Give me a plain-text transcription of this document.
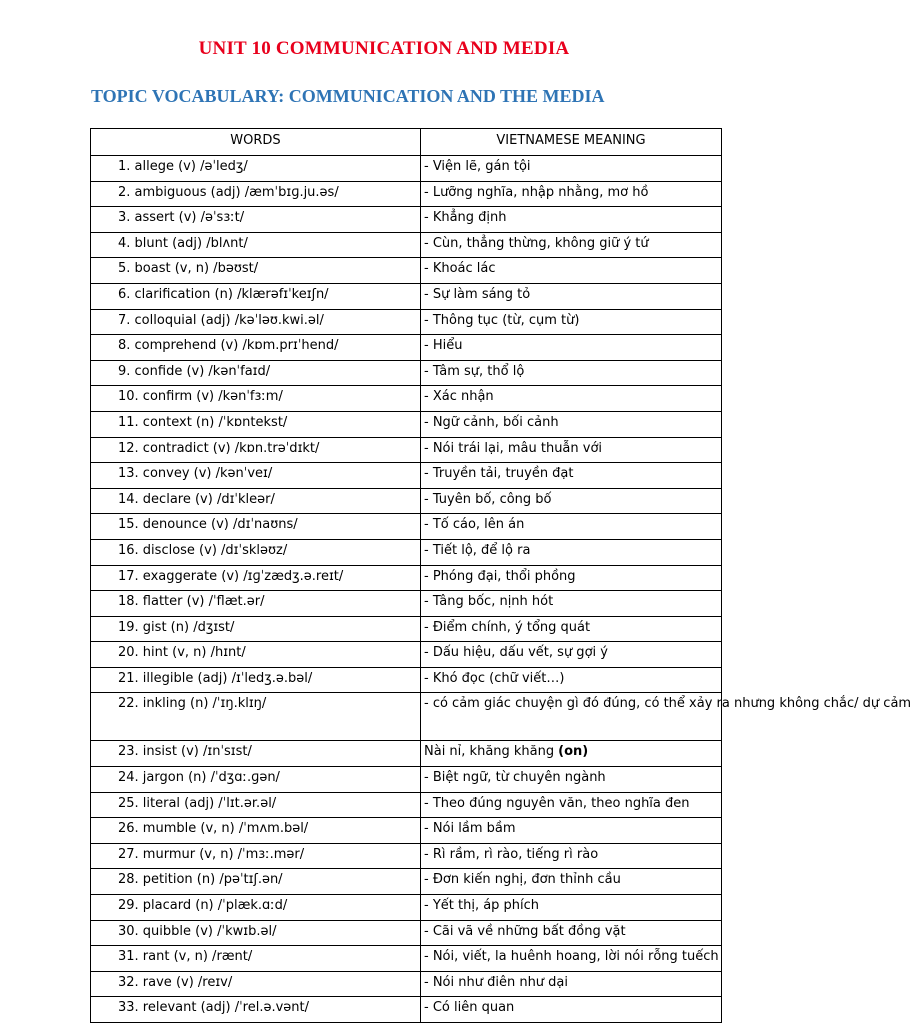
UNIT 10 COMMUNICATION AND MEDIA
TOPIC VOCABULARY: COMMUNICATION AND THE MEDIA
WORDS	VIETNAMESE MEANING
1. allege (v) /əˈledʒ/	- Viện lẽ, gán tội
2. ambiguous (adj) /æmˈbɪɡ.ju.əs/	- Lưỡng nghĩa, nhập nhằng, mơ hồ
3. assert (v) /əˈsɜːt/	- Khẳng định
4. blunt (adj) /blʌnt/	- Cùn, thẳng thừng, không giữ ý tứ
5. boast (v, n) /bəʊst/	- Khoác lác
6. clarification (n) /klærəfɪˈkeɪʃn/	- Sự làm sáng tỏ
7. colloquial (adj) /kəˈləʊ.kwi.əl/	- Thông tục (từ, cụm từ)
8. comprehend (v) /kɒm.prɪˈhend/	- Hiểu
9. confide (v) /kənˈfaɪd/	- Tâm sự, thổ lộ
10. confirm (v) /kənˈfɜːm/	- Xác nhận
11. context (n) /ˈkɒntekst/	- Ngữ cảnh, bối cảnh
12. contradict (v) /kɒn.trəˈdɪkt/	- Nói trái lại, mâu thuẫn với
13. convey (v) /kənˈveɪ/	- Truyền tải, truyền đạt
14. declare (v) /dɪˈkleər/	- Tuyên bố, công bố
15. denounce (v) /dɪˈnaʊns/	- Tố cáo, lên án
16. disclose (v) /dɪˈskləʊz/	- Tiết lộ, để lộ ra
17. exaggerate (v) /ɪɡˈzædʒ.ə.reɪt/	- Phóng đại, thổi phồng
18. flatter (v) /ˈflæt.ər/	- Tâng bốc, nịnh hót
19. gist (n) /dʒɪst/	- Điểm chính, ý tổng quát
20. hint (v, n) /hɪnt/	- Dấu hiệu, dấu vết, sự gợi ý
21. illegible (adj) /ɪˈledʒ.ə.bəl/	- Khó đọc (chữ viết…)
22. inkling (n) /ˈɪŋ.klɪŋ/	- có cảm giác chuyện gì đó đúng, có thể xảy ra nhưng không chắc/ dự cảm
23. insist (v) /ɪnˈsɪst/	Nài nỉ, khăng khăng (on)
24. jargon (n) /ˈdʒɑː.ɡən/	- Biệt ngữ, từ chuyên ngành
25. literal (adj) /ˈlɪt.ər.əl/	- Theo đúng nguyên văn, theo nghĩa đen
26. mumble (v, n) /ˈmʌm.bəl/	- Nói lầm bầm
27. murmur (v, n) /ˈmɜː.mər/	- Rì rầm, rì rào, tiếng rì rào
28. petition (n) /pəˈtɪʃ.ən/	- Đơn kiến nghị, đơn thỉnh cầu
29. placard (n) /ˈplæk.ɑːd/	- Yết thị, áp phích
30. quibble (v) /ˈkwɪb.əl/	- Cãi vã về những bất đồng vặt
31. rant (v, n) /rænt/	- Nói, viết, la huênh hoang, lời nói rỗng tuếch
32. rave (v) /reɪv/	- Nói như điên như dại
33. relevant (adj) /ˈrel.ə.vənt/	- Có liên quan
